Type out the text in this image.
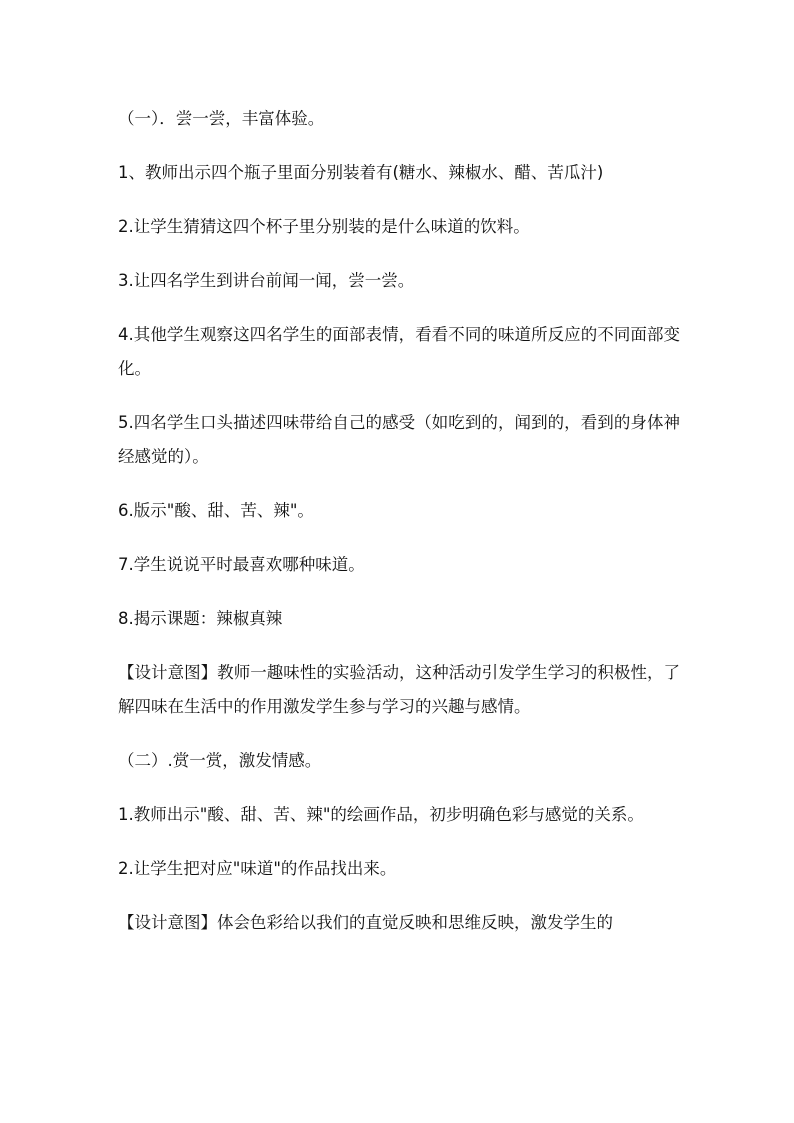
（一）．尝一尝，丰富体验。

1、教师出示四个瓶子里面分别装着有(糖水、辣椒水、醋、苦瓜汁)

2.让学生猜猜这四个杯子里分别装的是什么味道的饮料。

3.让四名学生到讲台前闻一闻，尝一尝。

4.其他学生观察这四名学生的面部表情，看看不同的味道所反应的不同面部变化。

5.四名学生口头描述四味带给自己的感受（如吃到的，闻到的，看到的身体神经感觉的）。

6.版示"酸、甜、苦、辣"。

7.学生说说平时最喜欢哪种味道。

8.揭示课题：辣椒真辣

【设计意图】教师一趣味性的实验活动，这种活动引发学生学习的积极性，了解四味在生活中的作用激发学生参与学习的兴趣与感情。

（二）.赏一赏，激发情感。

1.教师出示"酸、甜、苦、辣"的绘画作品，初步明确色彩与感觉的关系。

2.让学生把对应"味道"的作品找出来。

【设计意图】体会色彩给以我们的直觉反映和思维反映，激发学生的
